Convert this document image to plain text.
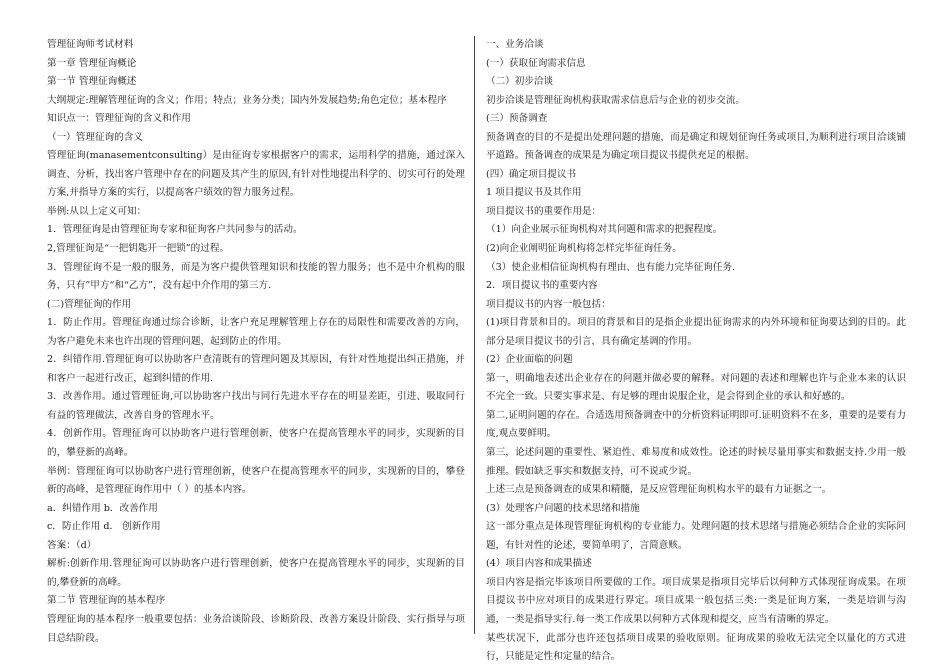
管理征询师考试材料

第一章 管理征询概论

第一节 管理征询概述

大纲规定:理解管理征询的含义；作用；特点；业务分类；国内外发展趋势;角色定位；基本程序

知识点一：管理征询的含义和作用

（一）管理征询的含义

管理征询(manasementconsulting）是由征询专家根据客户的需求，运用科学的措施，通过深入调查、分析，找出客户管理中存在的问题及其产生的原因,有针对性地提出科学的、切实可行的处理方案,并指导方案的实行，以提高客户绩效的智力服务过程。

举例:从以上定义可知：

1．管理征询是由管理征询专家和征询客户共同参与的活动。

2,管理征询是“一把钥匙开一把锁”的过程。

3．管理征询不是一般的服务，而是为客户提供管理知识和技能的智力服务；也不是中介机构的服务，只有”甲方“和“乙方”，没有起中介作用的第三方.

(二)管理征询的作用

1．防止作用。管理征询通过综合诊断，让客户充足理解管理上存在的局限性和需要改善的方向，为客户避免未来也许出现的管理问题，起到防止的作用。

2．纠错作用.管理征询可以协助客户查清既有的管理问题及其原因，有针对性地提出纠正措施，并和客户一起进行改正，起到纠错的作用.

3．改善作用。通过管理征询,可以协助客户找出与同行先进水平存在的明显差距，引进、吸取同行有益的管理做法，改善自身的管理水平。

4．创新作用。管理征询可以协助客户进行管理创新，使客户在提高管理水平的同步，实现新的目的，攀登新的高峰。

举例：管理征询可以协助客户进行管理创新，使客户在提高管理水平的同步，实现新的目的，攀登新的高峰，是管理征询作用中（ ）的基本内容。

a．纠错作用 b．改善作用

c．防止作用 d． 创新作用

答案：（d）

解析:创新作用.管理征询可以协助客户进行管理创新，使客户在提高管理水平的同步，实现新的目的,攀登新的高峰。

第二节 管理征询的基本程序

管理征询的基本程序一般重要包括：业务洽谈阶段、诊断阶段、改善方案设计阶段、实行指导与项目总结阶段。

一、业务洽谈

(一）获取征询需求信息

（二）初步洽谈

初步洽谈是管理征询机构获取需求信息后与企业的初步交流。

(三）预备调查

预备调查的目的不是提出处理问题的措施，而是确定和规划征询任务或项目,为顺利进行项目洽谈铺平道路。预备调查的成果是为确定项目提议书提供充足的根据。

(四）确定项目提议书

1 项目提议书及其作用

项目提议书的重要作用是：

（1）向企业展示征询机构对其问题和需求的把握程度。

(2)向企业阐明征询机构将怎样完毕征询任务。

（3）使企业相信征询机构有理由、也有能力完毕征询任务.

2．项目提议书的重要内容

项目提议书的内容一般包括：

(1)项目背景和目的。项目的背景和目的是指企业提出征询需求的内外环境和征询要达到的目的。此部分是项目提议书的引言，具有确定基调的作用。

(2）企业面临的问题

第一，明确地表述出企业存在的问题并做必要的解释。对问题的表述和理解也许与企业本来的认识不完全一致。只要实事求是、有足够的理由说服企业，是会得到企业的承认和好感的。

第二,证明问题的存在。合适选用预备调查中的分析资料证明即可.证明资料不在多，重要的是要有力度,观点要鲜明。

第三，论述问题的重要性、紧迫性、难易度和成效性。论述的时候尽量用事实和数据支持.少用一般推理。假如缺乏事实和数据支持，可不说或少说。

上述三点是预备调查的成果和精髓，是反应管理征询机构水平的最有力证据之一。

(3）处理客户问题的技术思绪和措施

这一部分重点是体现管理征询机构的专业能力。处理问题的技术思绪与措施必须结合企业的实际问题，有针对性的论述，要简单明了，言简意赅。

(4）项目内容和成果描述

项目内容是指完毕该项目所要做的工作。项目成果是指项目完毕后以何种方式体现征询成果。在项目提议书中应对项目的成果进行界定。项目成果一般包括三类:一类是征询方案，一类是培训与沟通，一类是指导实行.每一类工作成果以何种方式体现和提交，应当有清晰的界定。

某些状况下，此部分也许还包括项目成果的验收原则。征询成果的验收无法完全以量化的方式进行，只能是定性和定量的结合。
